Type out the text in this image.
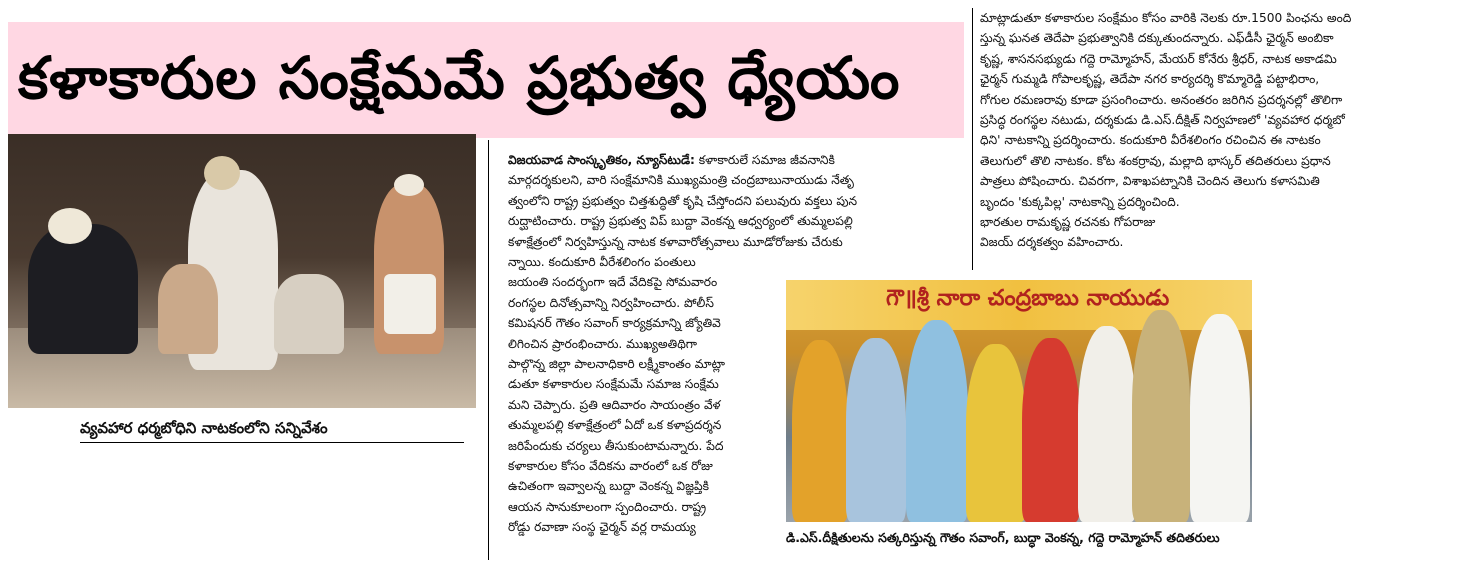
కళాకారుల సంక్షేమమే ప్రభుత్వ ధ్యేయం
వ్యవహార ధర్మబోధిని నాటకంలోని సన్నివేశం
గౌ॥శ్రీ నారా చంద్రబాబు నాయుడు
డి.ఎస్.దీక్షితులను సత్కరిస్తున్న గౌతం సవాంగ్, బుద్ధా వెంకన్న, గద్దె రామ్మోహన్ తదితరులు

విజయవాడ సాంస్కృతికం, న్యూస్‌టుడే: కళాకారులే సమాజ జీవనానికి

మార్గదర్శకులని, వారి సంక్షేమానికి ముఖ్యమంత్రి చంద్రబాబునాయుడు నేతృ

త్వంలోని రాష్ట్ర ప్రభుత్వం చిత్తశుద్ధితో కృషి చేస్తోందని పలువురు వక్తలు పున

రుద్ఘాటించారు. రాష్ట్ర ప్రభుత్వ విప్ బుద్దా వెంకన్న ఆధ్వర్యంలో తుమ్మలపల్లి

కళాక్షేత్రంలో నిర్వహిస్తున్న నాటక కళావారోత్సవాలు మూడోరోజుకు చేరుకు

న్నాయి. కందుకూరి వీరేశలింగం పంతులు

జయంతి సందర్భంగా ఇదే వేదికపై సోమవారం

రంగస్థల దినోత్సవాన్ని నిర్వహించారు. పోలీస్

కమిషనర్ గౌతం సవాంగ్ కార్యక్రమాన్ని జ్యోతివె

లిగించిన ప్రారంభించారు. ముఖ్యఅతిథిగా

పాల్గొన్న జిల్లా పాలనాధికారి లక్ష్మీకాంతం మాట్లా

డుతూ కళాకారుల సంక్షేమమే సమాజ సంక్షేమ

మని చెప్పారు. ప్రతి ఆదివారం సాయంత్రం వేళ

తుమ్మలపల్లి కళాక్షేత్రంలో ఏదో ఒక కళాప్రదర్శన

జరిపేందుకు చర్యలు తీసుకుంటామన్నారు. పేద

కళాకారుల కోసం వేదికను వారంలో ఒక రోజు

ఉచితంగా ఇవ్వాలన్న బుద్దా వెంకన్న విజ్ఞప్తికి

ఆయన సానుకూలంగా స్పందించారు. రాష్ట్ర

రోడ్డు రవాణా సంస్థ ఛైర్మన్ వర్ల రామయ్య

మాట్లాడుతూ కళాకారుల సంక్షేమం కోసం వారికి నెలకు రూ.1500 పింఛను అంది

స్తున్న ఘనత తెదేపా ప్రభుత్వానికి దక్కుతుందన్నారు. ఎఫ్‌డీసీ ఛైర్మన్ అంబికా

కృష్ణ, శాసనసభ్యుడు గద్దె రామ్మోహన్, మేయర్ కోనేరు శ్రీధర్, నాటక అకాడమి

ఛైర్మన్ గుమ్మడి గోపాలకృష్ణ, తెదేపా నగర కార్యదర్శి కొమ్మారెడ్డి పట్టాభిరాం,

గోగుల రమణరావు కూడా ప్రసంగించారు. అనంతరం జరిగిన ప్రదర్శనల్లో తొలిగా

ప్రసిద్ధ రంగస్థల నటుడు, దర్శకుడు డి.ఎస్.దీక్షిత్ నిర్వహణలో 'వ్యవహార ధర్మబో

ధిని' నాటకాన్ని ప్రదర్శించారు. కందుకూరి వీరేశలింగం రచించిన ఈ నాటకం

తెలుగులో తొలి నాటకం. కోట శంకర్రావు, మల్లాది భాస్కర్ తదితరులు ప్రధాన

పాత్రలు పోషించారు. చివరగా, విశాఖపట్నానికి చెందిన తెలుగు కళాసమితి

బృందం 'కుక్కపిల్ల' నాటకాన్ని ప్రదర్శించింది.

భారతుల రామకృష్ణ రచనకు గోపరాజు

విజయ్ దర్శకత్వం వహించారు.
